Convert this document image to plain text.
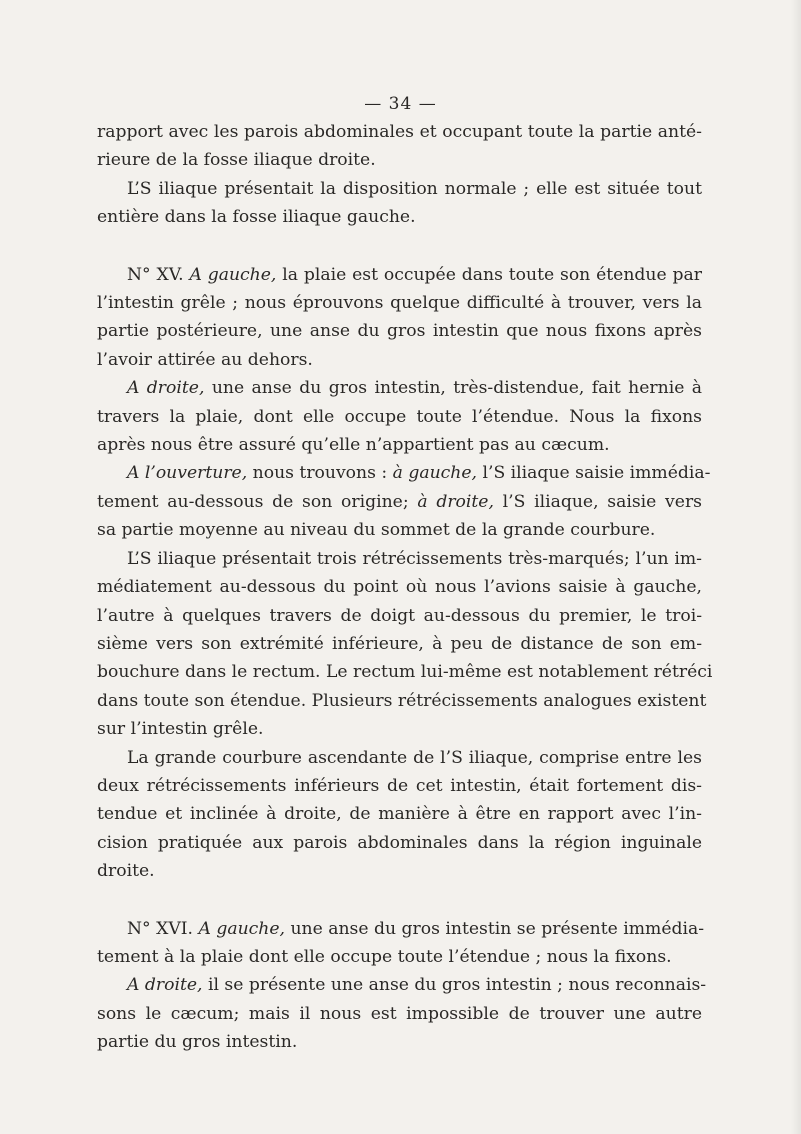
— 34 —
rapport avec les parois abdominales et occupant toute la partie anté-
rieure de la fosse iliaque droite.
L’S iliaque présentait la disposition normale ; elle est située tout
entière dans la fosse iliaque gauche.
N° XV. A gauche, la plaie est occupée dans toute son étendue par
l’intestin grêle ; nous éprouvons quelque difficulté à trouver, vers la
partie postérieure, une anse du gros intestin que nous fixons après
l’avoir attirée au dehors.
A droite, une anse du gros intestin, très-distendue, fait hernie à
travers la plaie, dont elle occupe toute l’étendue. Nous la fixons
après nous être assuré qu’elle n’appartient pas au cæcum.
A l’ouverture, nous trouvons : à gauche, l’S iliaque saisie immédia-
tement au-dessous de son origine; à droite, l’S iliaque, saisie vers
sa partie moyenne au niveau du sommet de la grande courbure.
L’S iliaque présentait trois rétrécissements très-marqués; l’un im-
médiatement au-dessous du point où nous l’avions saisie à gauche,
l’autre à quelques travers de doigt au-dessous du premier, le troi-
sième vers son extrémité inférieure, à peu de distance de son em-
bouchure dans le rectum. Le rectum lui-même est notablement rétréci
dans toute son étendue. Plusieurs rétrécissements analogues existent
sur l’intestin grêle.
La grande courbure ascendante de l’S iliaque, comprise entre les
deux rétrécissements inférieurs de cet intestin, était fortement dis-
tendue et inclinée à droite, de manière à être en rapport avec l’in-
cision pratiquée aux parois abdominales dans la région inguinale
droite.
N° XVI. A gauche, une anse du gros intestin se présente immédia-
tement à la plaie dont elle occupe toute l’étendue ; nous la fixons.
A droite, il se présente une anse du gros intestin ; nous reconnais-
sons le cæcum; mais il nous est impossible de trouver une autre
partie du gros intestin.
